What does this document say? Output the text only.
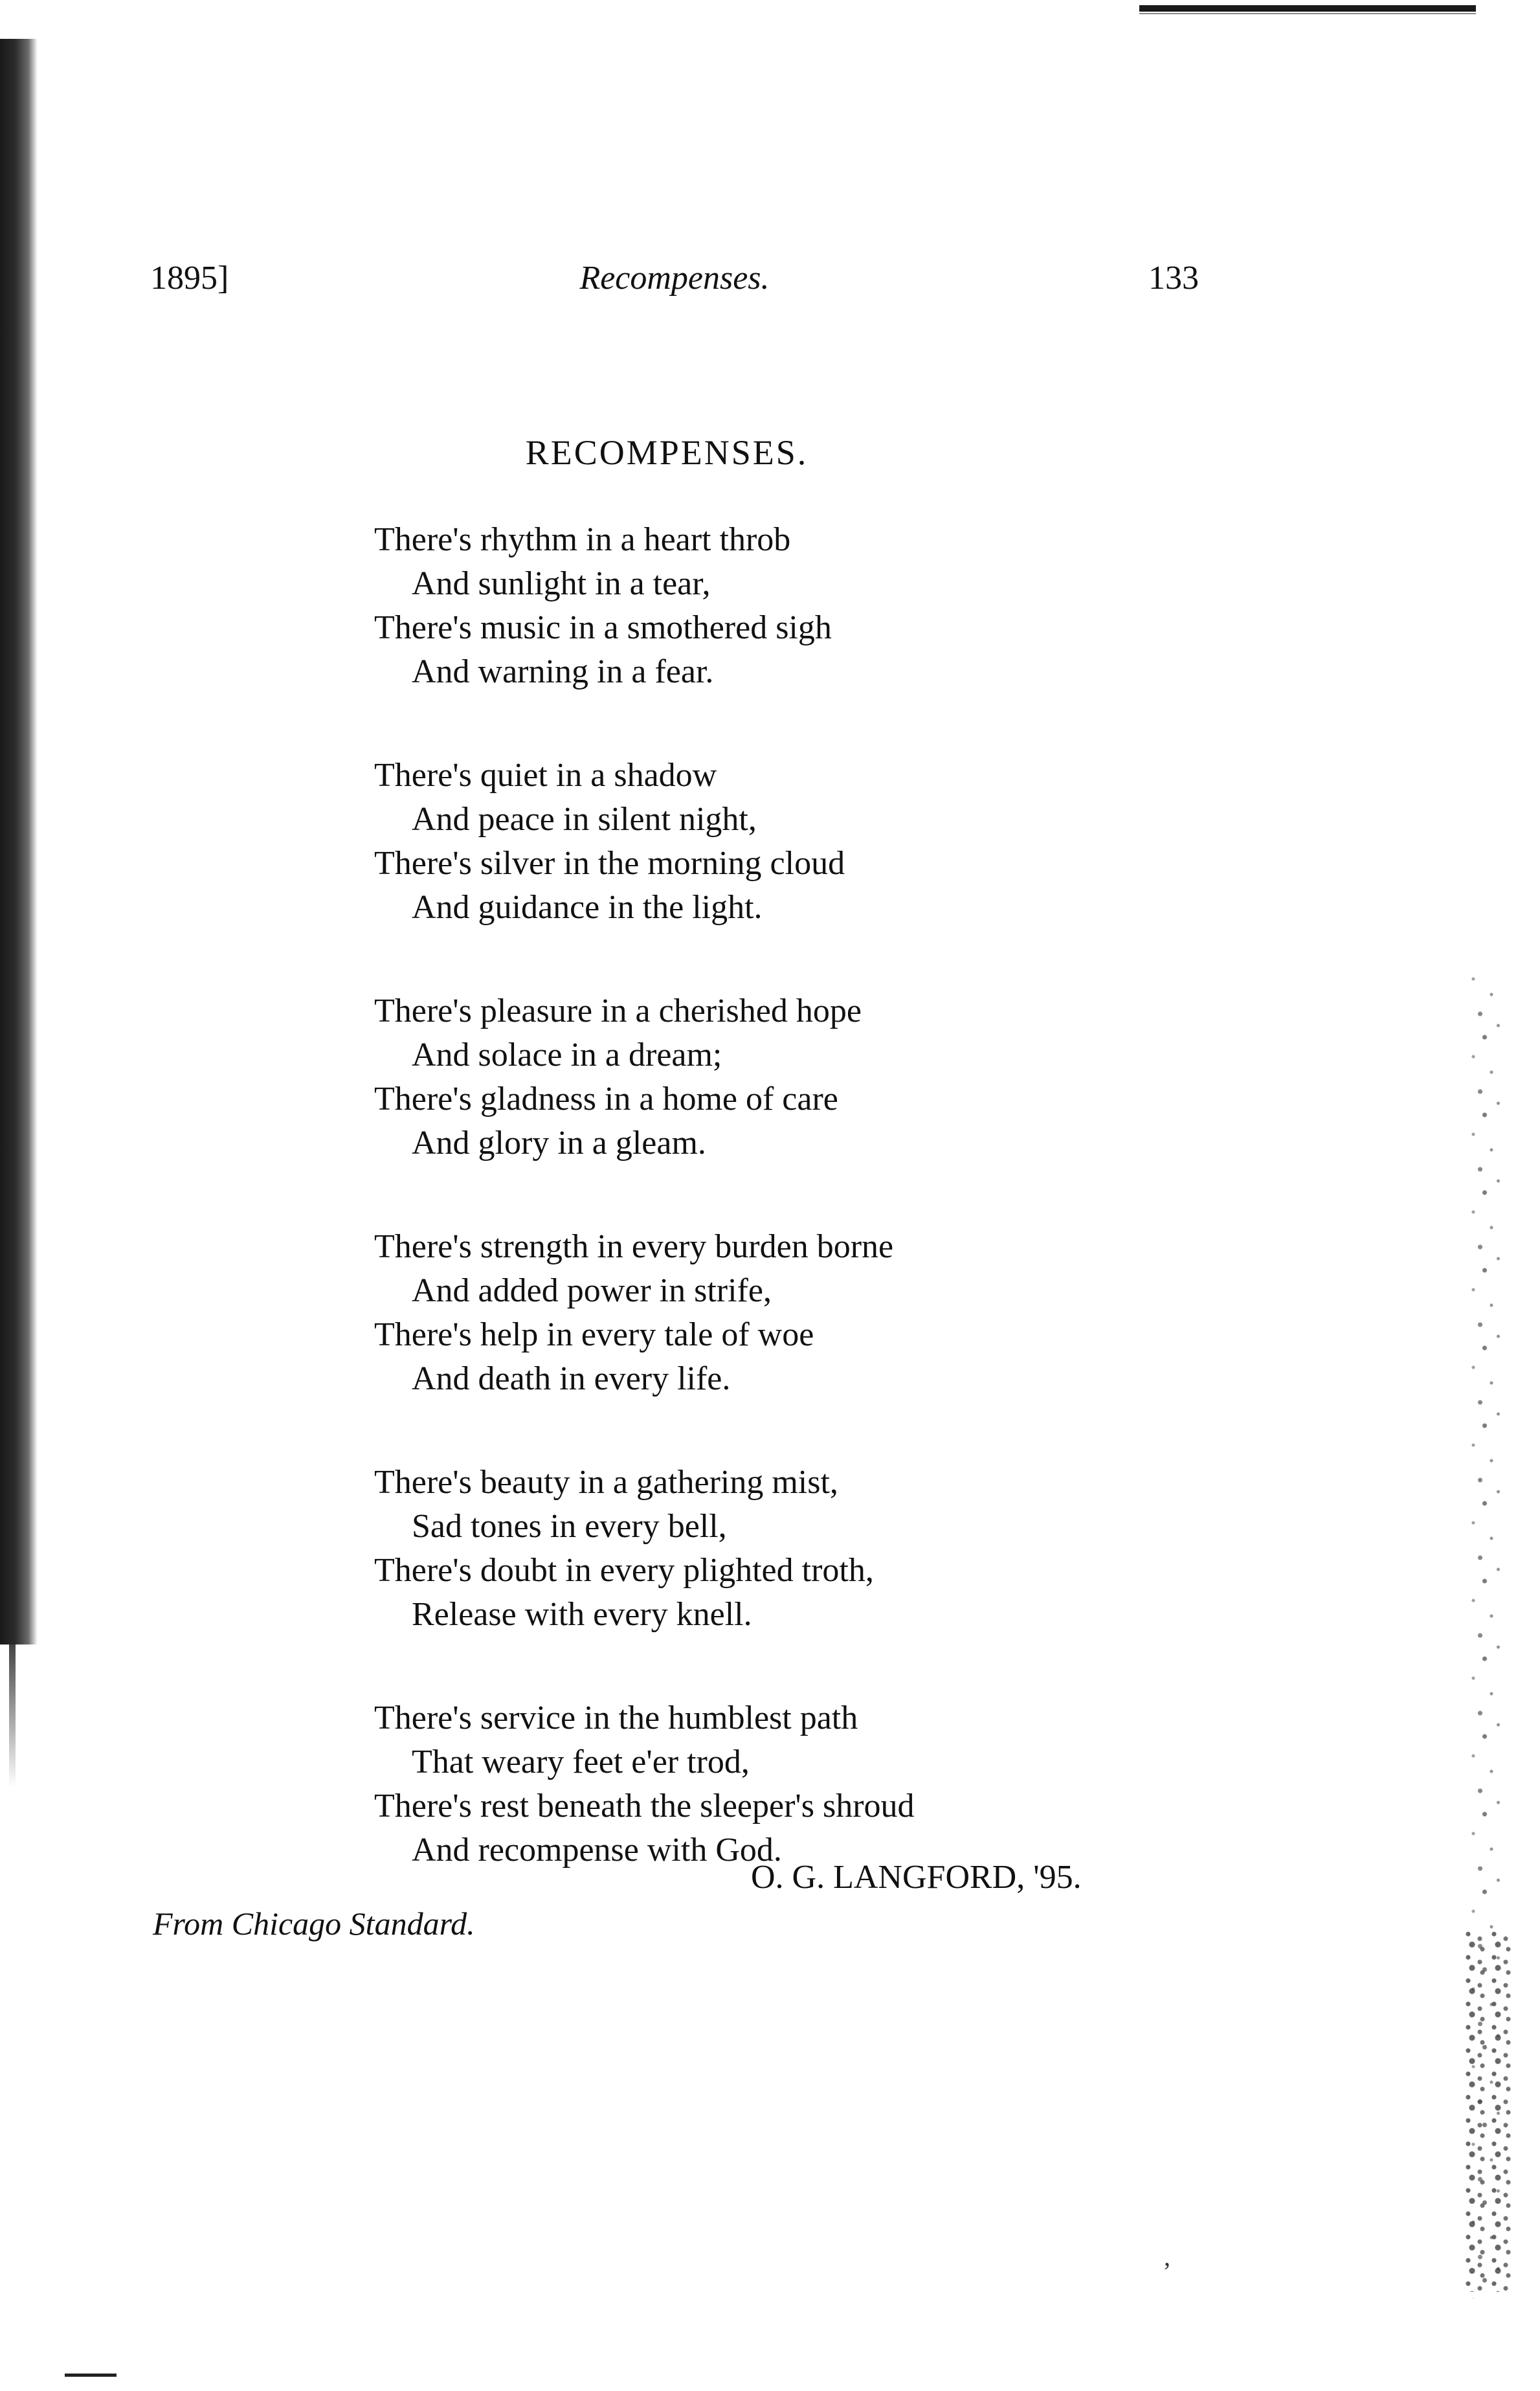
,
1895]	Recompenses.	133
RECOMPENSES.
There's rhythm in a heart throb
And sunlight in a tear,
There's music in a smothered sigh
And warning in a fear.
There's quiet in a shadow
And peace in silent night,
There's silver in the morning cloud
And guidance in the light.
There's pleasure in a cherished hope
And solace in a dream;
There's gladness in a home of care
And glory in a gleam.
There's strength in every burden borne
And added power in strife,
There's help in every tale of woe
And death in every life.
There's beauty in a gathering mist,
Sad tones in every bell,
There's doubt in every plighted troth,
Release with every knell.
There's service in the humblest path
That weary feet e'er trod,
There's rest beneath the sleeper's shroud
And recompense with God.
O. G. LANGFORD, '95.
From Chicago Standard.
